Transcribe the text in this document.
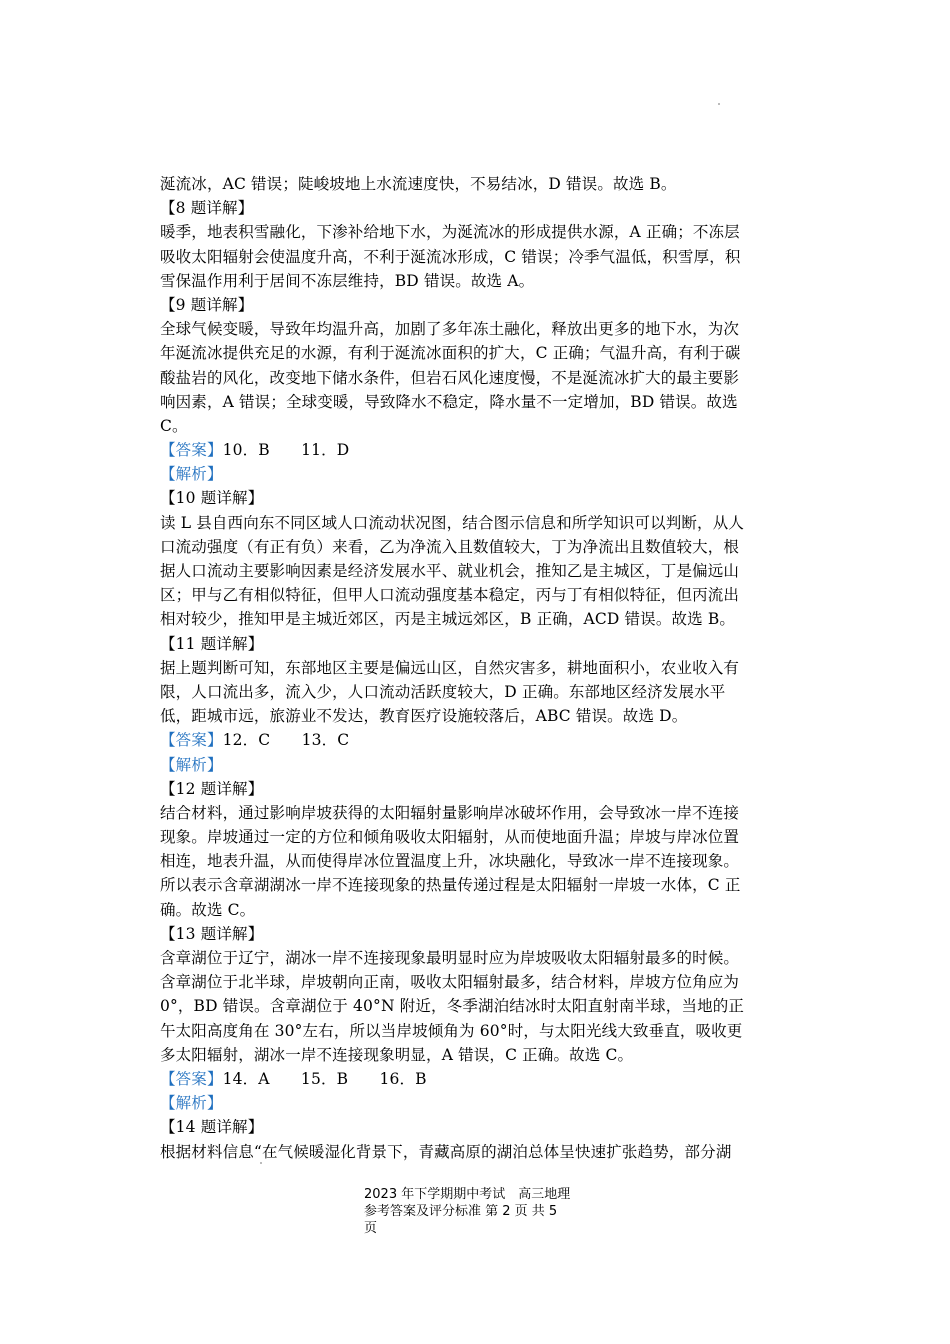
涎流冰，AC 错误；陡峻坡地上水流速度快，不易结冰，D 错误。故选 B。
【8 题详解】
暖季，地表积雪融化，下渗补给地下水，为涎流冰的形成提供水源，A 正确；不冻层
吸收太阳辐射会使温度升高，不利于涎流冰形成，C 错误；冷季气温低，积雪厚，积
雪保温作用利于居间不冻层维持，BD 错误。故选 A。
【9 题详解】
全球气候变暖，导致年均温升高，加剧了多年冻土融化，释放出更多的地下水，为次
年涎流冰提供充足的水源，有利于涎流冰面积的扩大，C 正确；气温升高，有利于碳
酸盐岩的风化，改变地下储水条件，但岩石风化速度慢，不是涎流冰扩大的最主要影
响因素，A 错误；全球变暖，导致降水不稳定，降水量不一定增加，BD 错误。故选
C。
【答案】10．B　　11．D
【解析】
【10 题详解】
读 L 县自西向东不同区域人口流动状况图，结合图示信息和所学知识可以判断，从人
口流动强度（有正有负）来看，乙为净流入且数值较大，丁为净流出且数值较大，根
据人口流动主要影响因素是经济发展水平、就业机会，推知乙是主城区，丁是偏远山
区；甲与乙有相似特征，但甲人口流动强度基本稳定，丙与丁有相似特征，但丙流出
相对较少，推知甲是主城近郊区，丙是主城远郊区，B 正确，ACD 错误。故选 B。
【11 题详解】
据上题判断可知，东部地区主要是偏远山区，自然灾害多，耕地面积小，农业收入有
限，人口流出多，流入少，人口流动活跃度较大，D 正确。东部地区经济发展水平
低，距城市远，旅游业不发达，教育医疗设施较落后，ABC 错误。故选 D。
【答案】12．C　　13．C
【解析】
【12 题详解】
结合材料，通过影响岸坡获得的太阳辐射量影响岸冰破坏作用，会导致冰一岸不连接
现象。岸坡通过一定的方位和倾角吸收太阳辐射，从而使地面升温；岸坡与岸冰位置
相连，地表升温，从而使得岸冰位置温度上升，冰块融化，导致冰一岸不连接现象。
所以表示含章湖湖冰一岸不连接现象的热量传递过程是太阳辐射一岸坡一水体，C 正
确。故选 C。
【13 题详解】
含章湖位于辽宁，湖冰一岸不连接现象最明显时应为岸坡吸收太阳辐射最多的时候。
含章湖位于北半球，岸坡朝向正南，吸收太阳辐射最多，结合材料，岸坡方位角应为
0°，BD 错误。含章湖位于 40°N 附近，冬季湖泊结冰时太阳直射南半球，当地的正
午太阳高度角在 30°左右，所以当岸坡倾角为 60°时，与太阳光线大致垂直，吸收更
多太阳辐射，湖冰一岸不连接现象明显，A 错误，C 正确。故选 C。
【答案】14．A　　15．B　　16．B
【解析】
【14 题详解】
根据材料信息“在气候暖湿化背景下，青藏高原的湖泊总体呈快速扩张趋势，部分湖
2023 年下学期期中考试　高三地理
参考答案及评分标准 第 2 页 共 5
页
